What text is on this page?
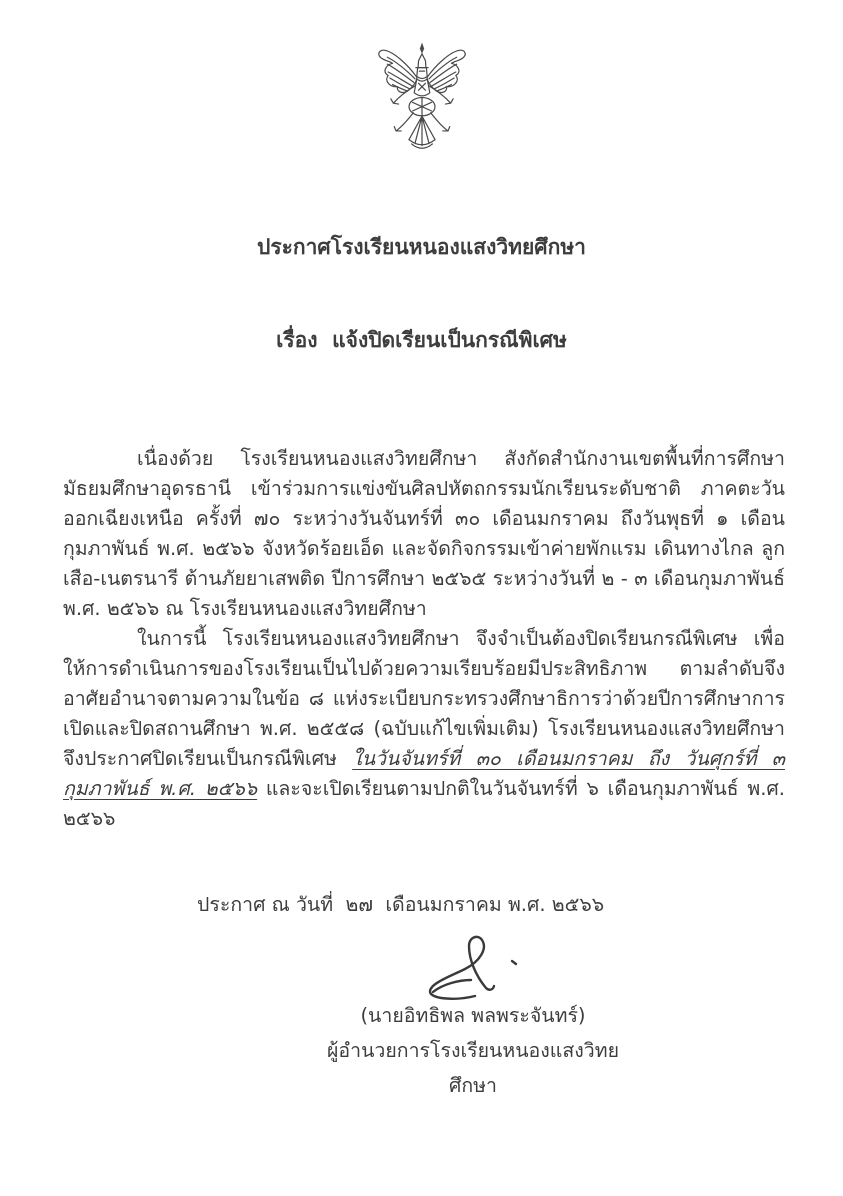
ประกาศโรงเรียนหนองแสงวิทยศึกษา

เรื่อง  แจ้งปิดเรียนเป็นกรณีพิเศษ

เนื่องด้วย โรงเรียนหนองแสงวิทยศึกษา สังกัดสำนักงานเขตพื้นที่การศึกษามัธยมศึกษาอุดรธานี เข้าร่วมการแข่งขันศิลปหัตถกรรมนักเรียนระดับชาติ ภาคตะวันออกเฉียงเหนือ ครั้งที่ ๗๐ ระหว่างวันจันทร์ที่ ๓๐ เดือนมกราคม ถึงวันพุธที่ ๑ เดือนกุมภาพันธ์ พ.ศ. ๒๕๖๖ จังหวัดร้อยเอ็ด และจัดกิจกรรมเข้าค่ายพักแรม เดินทางไกล ลูกเสือ-เนตรนารี ต้านภัยยาเสพติด ปีการศึกษา ๒๕๖๕ ระหว่างวันที่ ๒ - ๓ เดือนกุมภาพันธ์ พ.ศ. ๒๕๖๖ ณ โรงเรียนหนองแสงวิทยศึกษา

ในการนี้ โรงเรียนหนองแสงวิทยศึกษา จึงจำเป็นต้องปิดเรียนกรณีพิเศษ เพื่อให้การดำเนินการของโรงเรียนเป็นไปด้วยความเรียบร้อยมีประสิทธิภาพ ตามลำดับจึงอาศัยอำนาจตามความในข้อ ๘ แห่งระเบียบกระทรวงศึกษาธิการว่าด้วยปีการศึกษาการเปิดและปิดสถานศึกษา พ.ศ. ๒๕๕๘ (ฉบับแก้ไขเพิ่มเติม) โรงเรียนหนองแสงวิทยศึกษา จึงประกาศปิดเรียนเป็นกรณีพิเศษ ในวันจันทร์ที่ ๓๐ เดือนมกราคม ถึง วันศุกร์ที่ ๓ กุมภาพันธ์ พ.ศ. ๒๕๖๖ และจะเปิดเรียนตามปกติในวันจันทร์ที่ ๖ เดือนกุมภาพันธ์ พ.ศ. ๒๕๖๖

ประกาศ ณ วันที่  ๒๗  เดือนมกราคม พ.ศ. ๒๕๖๖
(นายอิทธิพล พลพระจันทร์)
ผู้อำนวยการโรงเรียนหนองแสงวิทยศึกษา
